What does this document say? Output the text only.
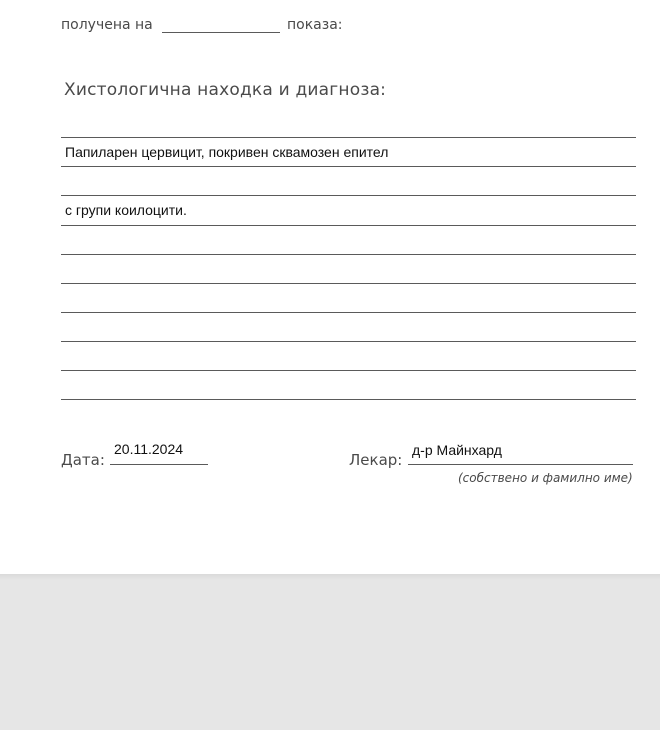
получена на	показа:
Хистологична находка и диагноза:
Папиларен цервицит, покривен сквамозен епител
с групи коилоцити.
Дата:
20.11.2024
Лекар:
д-р Майнхард
(собствено и фамилно име)
